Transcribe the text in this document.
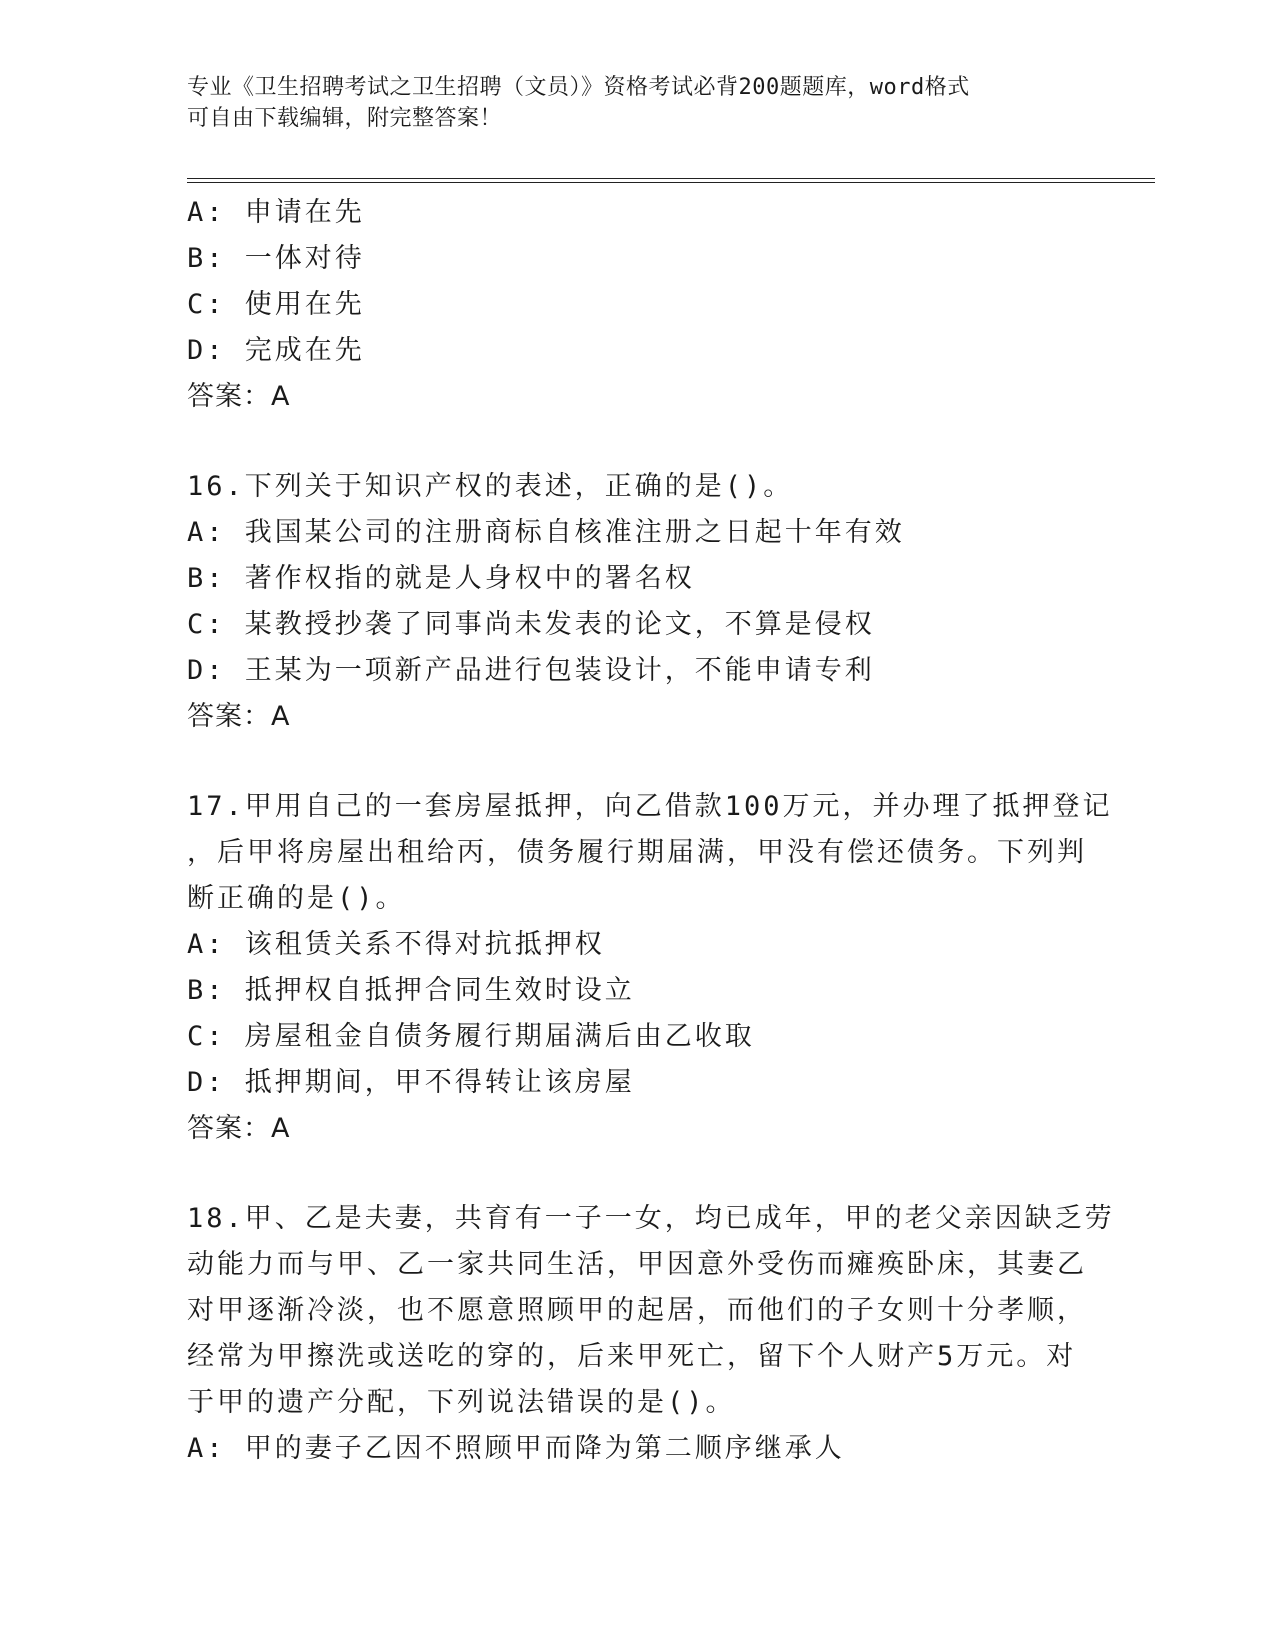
专业《卫生招聘考试之卫生招聘（文员）》资格考试必背200题题库，word格式
可自由下载编辑，附完整答案！
A: 申请在先
B: 一体对待
C: 使用在先
D: 完成在先
答案：A
16.下列关于知识产权的表述，正确的是()。
A: 我国某公司的注册商标自核准注册之日起十年有效
B: 著作权指的就是人身权中的署名权
C: 某教授抄袭了同事尚未发表的论文，不算是侵权
D: 王某为一项新产品进行包装设计，不能申请专利
答案：A
17.甲用自己的一套房屋抵押，向乙借款100万元，并办理了抵押登记
，后甲将房屋出租给丙，债务履行期届满，甲没有偿还债务。下列判
断正确的是()。
A: 该租赁关系不得对抗抵押权
B: 抵押权自抵押合同生效时设立
C: 房屋租金自债务履行期届满后由乙收取
D: 抵押期间，甲不得转让该房屋
答案：A
18.甲、乙是夫妻，共育有一子一女，均已成年，甲的老父亲因缺乏劳
动能力而与甲、乙一家共同生活，甲因意外受伤而瘫痪卧床，其妻乙
对甲逐渐冷淡，也不愿意照顾甲的起居，而他们的子女则十分孝顺，
经常为甲擦洗或送吃的穿的，后来甲死亡，留下个人财产5万元。对
于甲的遗产分配，下列说法错误的是()。
A: 甲的妻子乙因不照顾甲而降为第二顺序继承人
